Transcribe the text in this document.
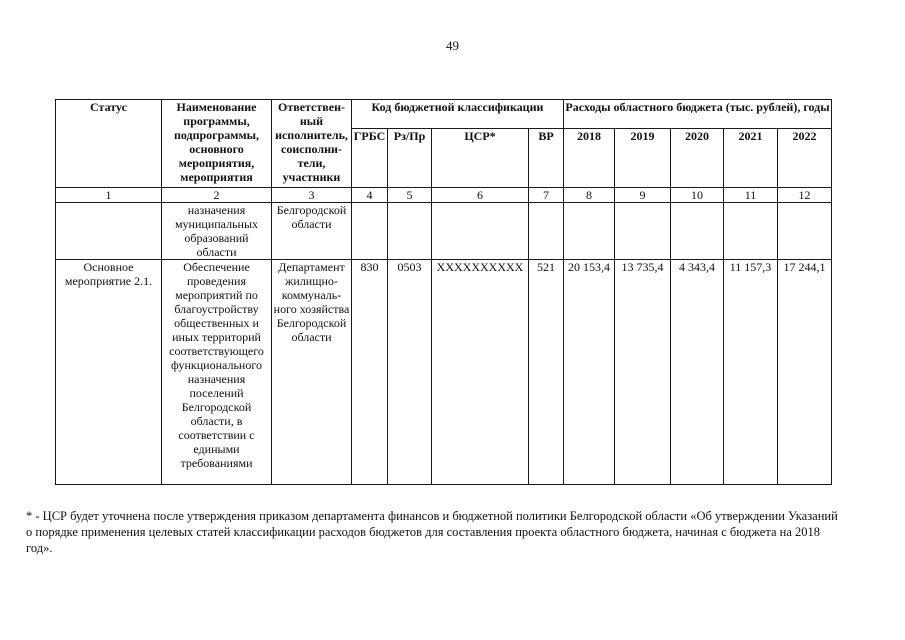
49
Статус	Наименование программы, подпрограммы, основного мероприятия, мероприятия	Ответствен-ный исполнитель, соисполни-тели, участники	Код бюджетной классификации				Расходы областного бюджета (тыс. рублей), годы				
			ГРБС	Рз/Пр	ЦСР*	ВР	2018	2019	2020	2021	2022
1	2	3	4	5	6	7	8	9	10	11	12
	назначения муниципальных образований области	Белгородской области									
Основное мероприятие 2.1.	Обеспечение проведения мероприятий по благоустройству общественных и иных территорий соответствующего функционального назначения поселений Белгородской области, в соответствии с едиными требованиями	Департамент жилищно-коммуналь-ного хозяйства Белгородской области	830	0503	XXXXXXXXXX	521	20 153,4	13 735,4	4 343,4	11 157,3	17 244,1
* - ЦСР будет уточнена после утверждения приказом департамента финансов и бюджетной политики Белгородской области «Об утверждении Указаний о порядке применения целевых статей классификации расходов бюджетов для составления проекта областного бюджета, начиная с бюджета на 2018 год».
